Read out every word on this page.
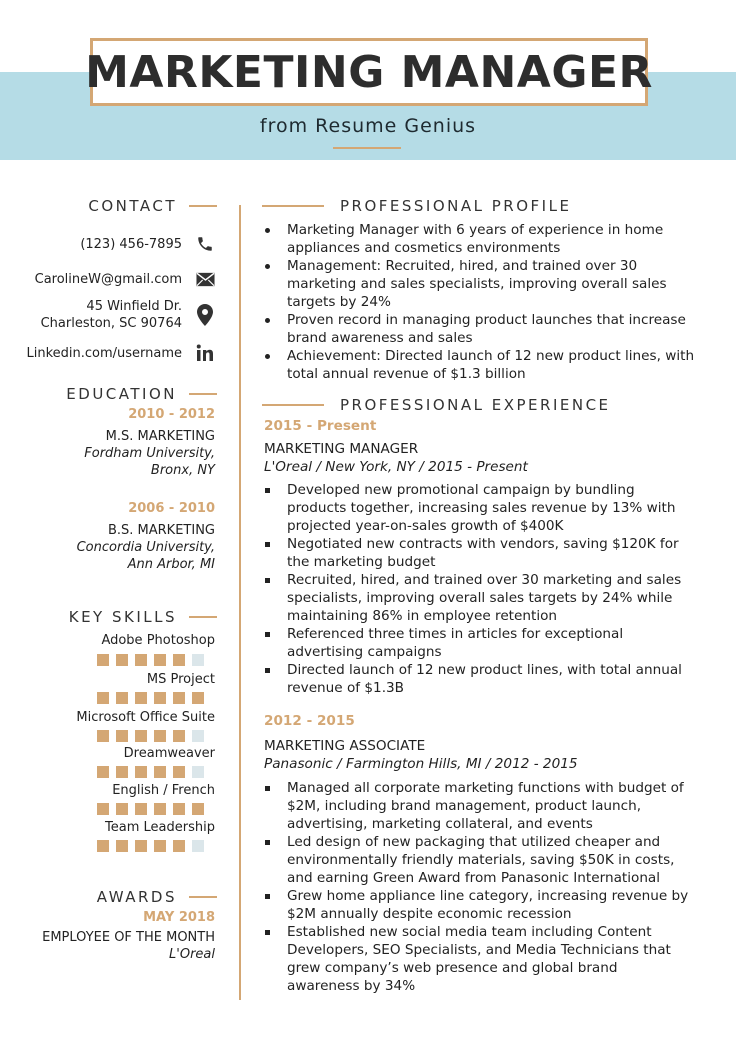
MARKETING MANAGER
from Resume Genius
CONTACT
(123) 456-7895
CarolineW@gmail.com
45 Winfield Dr.
Charleston, SC 90764
Linkedin.com/username
EDUCATION
2010 - 2012
M.S. MARKETING
Fordham University,
Bronx, NY
2006 - 2010
B.S. MARKETING
Concordia University,
Ann Arbor, MI
KEY SKILLS
Adobe Photoshop
MS Project
Microsoft Office Suite
Dreamweaver
English / French
Team Leadership
AWARDS
MAY 2018
EMPLOYEE OF THE MONTH
L'Oreal
PROFESSIONAL PROFILE
Marketing Manager with 6 years of experience in home
appliances and cosmetics environments
Management: Recruited, hired, and trained over 30
marketing and sales specialists, improving overall sales
targets by 24%
Proven record in managing product launches that increase
brand awareness and sales
Achievement: Directed launch of 12 new product lines, with
total annual revenue of $1.3 billion
PROFESSIONAL EXPERIENCE
2015 - Present
MARKETING MANAGER
L'Oreal / New York, NY / 2015 - Present
Developed new promotional campaign by bundling
products together, increasing sales revenue by 13% with
projected year-on-sales growth of $400K
Negotiated new contracts with vendors, saving $120K for
the marketing budget
Recruited, hired, and trained over 30 marketing and sales
specialists, improving overall sales targets by 24% while
maintaining 86% in employee retention
Referenced three times in articles for exceptional
advertising campaigns
Directed launch of 12 new product lines, with total annual
revenue of $1.3B
2012 - 2015
MARKETING ASSOCIATE
Panasonic / Farmington Hills, MI / 2012 - 2015
Managed all corporate marketing functions with budget of
$2M, including brand management, product launch,
advertising, marketing collateral, and events
Led design of new packaging that utilized cheaper and
environmentally friendly materials, saving $50K in costs,
and earning Green Award from Panasonic International
Grew home appliance line category, increasing revenue by
$2M annually despite economic recession
Established new social media team including Content
Developers, SEO Specialists, and Media Technicians that
grew company’s web presence and global brand
awareness by 34%
